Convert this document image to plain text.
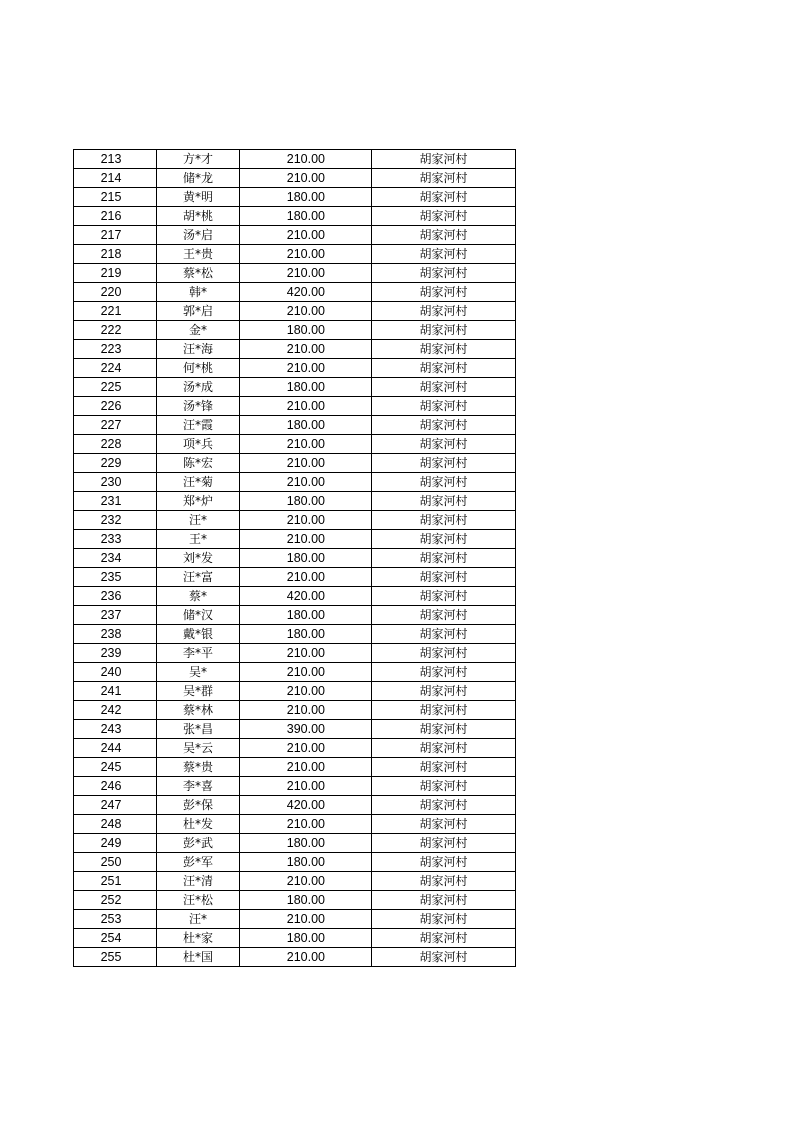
213	方*才	210.00	胡家河村
214	储*龙	210.00	胡家河村
215	黄*明	180.00	胡家河村
216	胡*桃	180.00	胡家河村
217	汤*启	210.00	胡家河村
218	王*贵	210.00	胡家河村
219	蔡*松	210.00	胡家河村
220	韩*	420.00	胡家河村
221	郭*启	210.00	胡家河村
222	金*	180.00	胡家河村
223	汪*海	210.00	胡家河村
224	何*桃	210.00	胡家河村
225	汤*成	180.00	胡家河村
226	汤*锋	210.00	胡家河村
227	汪*霞	180.00	胡家河村
228	项*兵	210.00	胡家河村
229	陈*宏	210.00	胡家河村
230	汪*菊	210.00	胡家河村
231	郑*炉	180.00	胡家河村
232	汪*	210.00	胡家河村
233	王*	210.00	胡家河村
234	刘*发	180.00	胡家河村
235	汪*富	210.00	胡家河村
236	蔡*	420.00	胡家河村
237	储*汉	180.00	胡家河村
238	戴*银	180.00	胡家河村
239	李*平	210.00	胡家河村
240	吴*	210.00	胡家河村
241	吴*群	210.00	胡家河村
242	蔡*林	210.00	胡家河村
243	张*昌	390.00	胡家河村
244	吴*云	210.00	胡家河村
245	蔡*贵	210.00	胡家河村
246	李*喜	210.00	胡家河村
247	彭*保	420.00	胡家河村
248	杜*发	210.00	胡家河村
249	彭*武	180.00	胡家河村
250	彭*军	180.00	胡家河村
251	汪*清	210.00	胡家河村
252	汪*松	180.00	胡家河村
253	汪*	210.00	胡家河村
254	杜*家	180.00	胡家河村
255	杜*国	210.00	胡家河村
